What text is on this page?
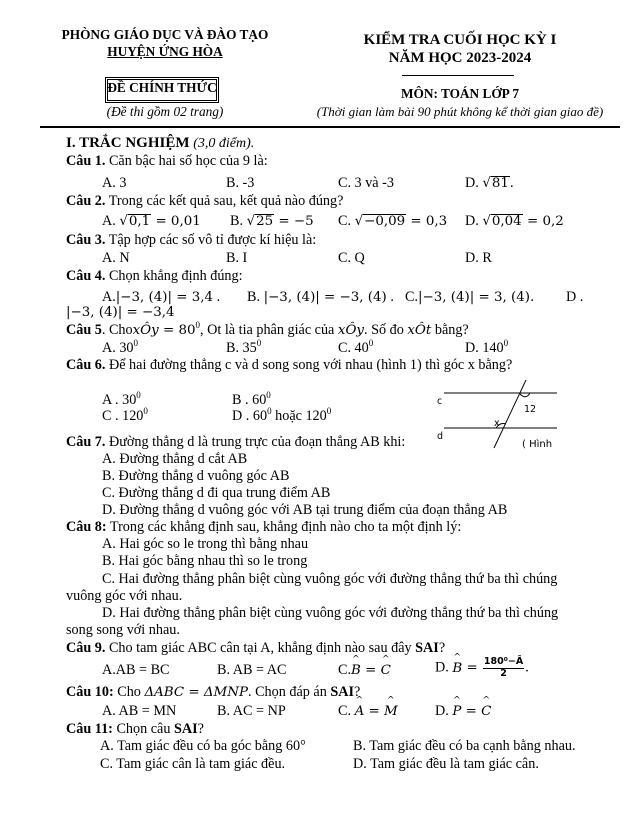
PHÒNG GIÁO DỤC VÀ ĐÀO TẠO
HUYỆN ỨNG HÒA
ĐỀ CHÍNH THỨC
(Đề thi gồm 02 trang)
KIỂM TRA CUỐI HỌC KỲ I
NĂM HỌC 2023-2024
MÔN: TOÁN LỚP 7
(Thời gian làm bài 90 phút không kể thời gian giao đề)
I. TRẮC NGHIỆM (3,0 điểm).
Câu 1. Căn bậc hai số học của 9 là:
A. 3	B. -3	C. 3 và -3	D. √81.
Câu 2. Trong các kết quả sau, kết quả nào đúng?
A. √0,1 = 0,01 B. √25 = −5 C. √−0,09 = 0,3 D. √0,04 = 0,2
Câu 3. Tập hợp các số vô tỉ được kí hiệu là:
A. N	B. I	C. Q	D. R
Câu 4. Chọn khẳng định đúng:
A.|−3, (4)| = 3,4 . B. |−3, (4)| = −3, (4) . C.|−3, (4)| = 3, (4). D .
|−3, (4)| = −3,4
Câu 5. ChoxÔy = $80^0$, Ot là tia phân giác của xÔy. Số đo xÔt bằng?
A. $30^0$	B. $35^0$	C. $40^0$	D. $140^0$
Câu 6. Để hai đường thẳng c và d song song với nhau (hình 1) thì góc x bằng?
A . $30^0$	B . $60^0$
C . $120^0$	D . $60^0$ hoặc $120^0$
c
d
12
x
( Hình
Câu 7. Đường thẳng d là trung trực của đoạn thẳng AB khi:
A. Đường thẳng d cắt AB
B. Đường thẳng d vuông góc AB
C. Đường thẳng d đi qua trung điểm AB
D. Đường thẳng d vuông góc với AB tại trung điểm của đoạn thẳng AB
Câu 8: Trong các khẳng định sau, khẳng định nào cho ta một định lý:
A. Hai góc so le trong thì bằng nhau
B. Hai góc bằng nhau thì so le trong
C. Hai đường thẳng phân biệt cùng vuông góc với đường thẳng thứ ba thì chúng
vuông góc với nhau.
D. Hai đường thẳng phân biệt cùng vuông góc với đường thẳng thứ ba thì chúng
song song với nhau.
Câu 9. Cho tam giác ABC cân tại A, khẳng định nào sau đây SAI?
A.AB = BC	B. AB = AC	C.^ B = ^ C	D. ^ $B = \frac{\text{180⁰−Â}}{2}$ .
Câu 10: Cho ΔABC = ΔMNP. Chọn đáp án SAI?
A. AB = MN	B. AC = NP	C. ^ A = ^ M	D. ^ P = ^ C
Câu 11: Chọn câu SAI?
A. Tam giác đều có ba góc bằng 60°	B. Tam giác đều có ba cạnh bằng nhau.
C. Tam giác cân là tam giác đều.	D. Tam giác đều là tam giác cân.
